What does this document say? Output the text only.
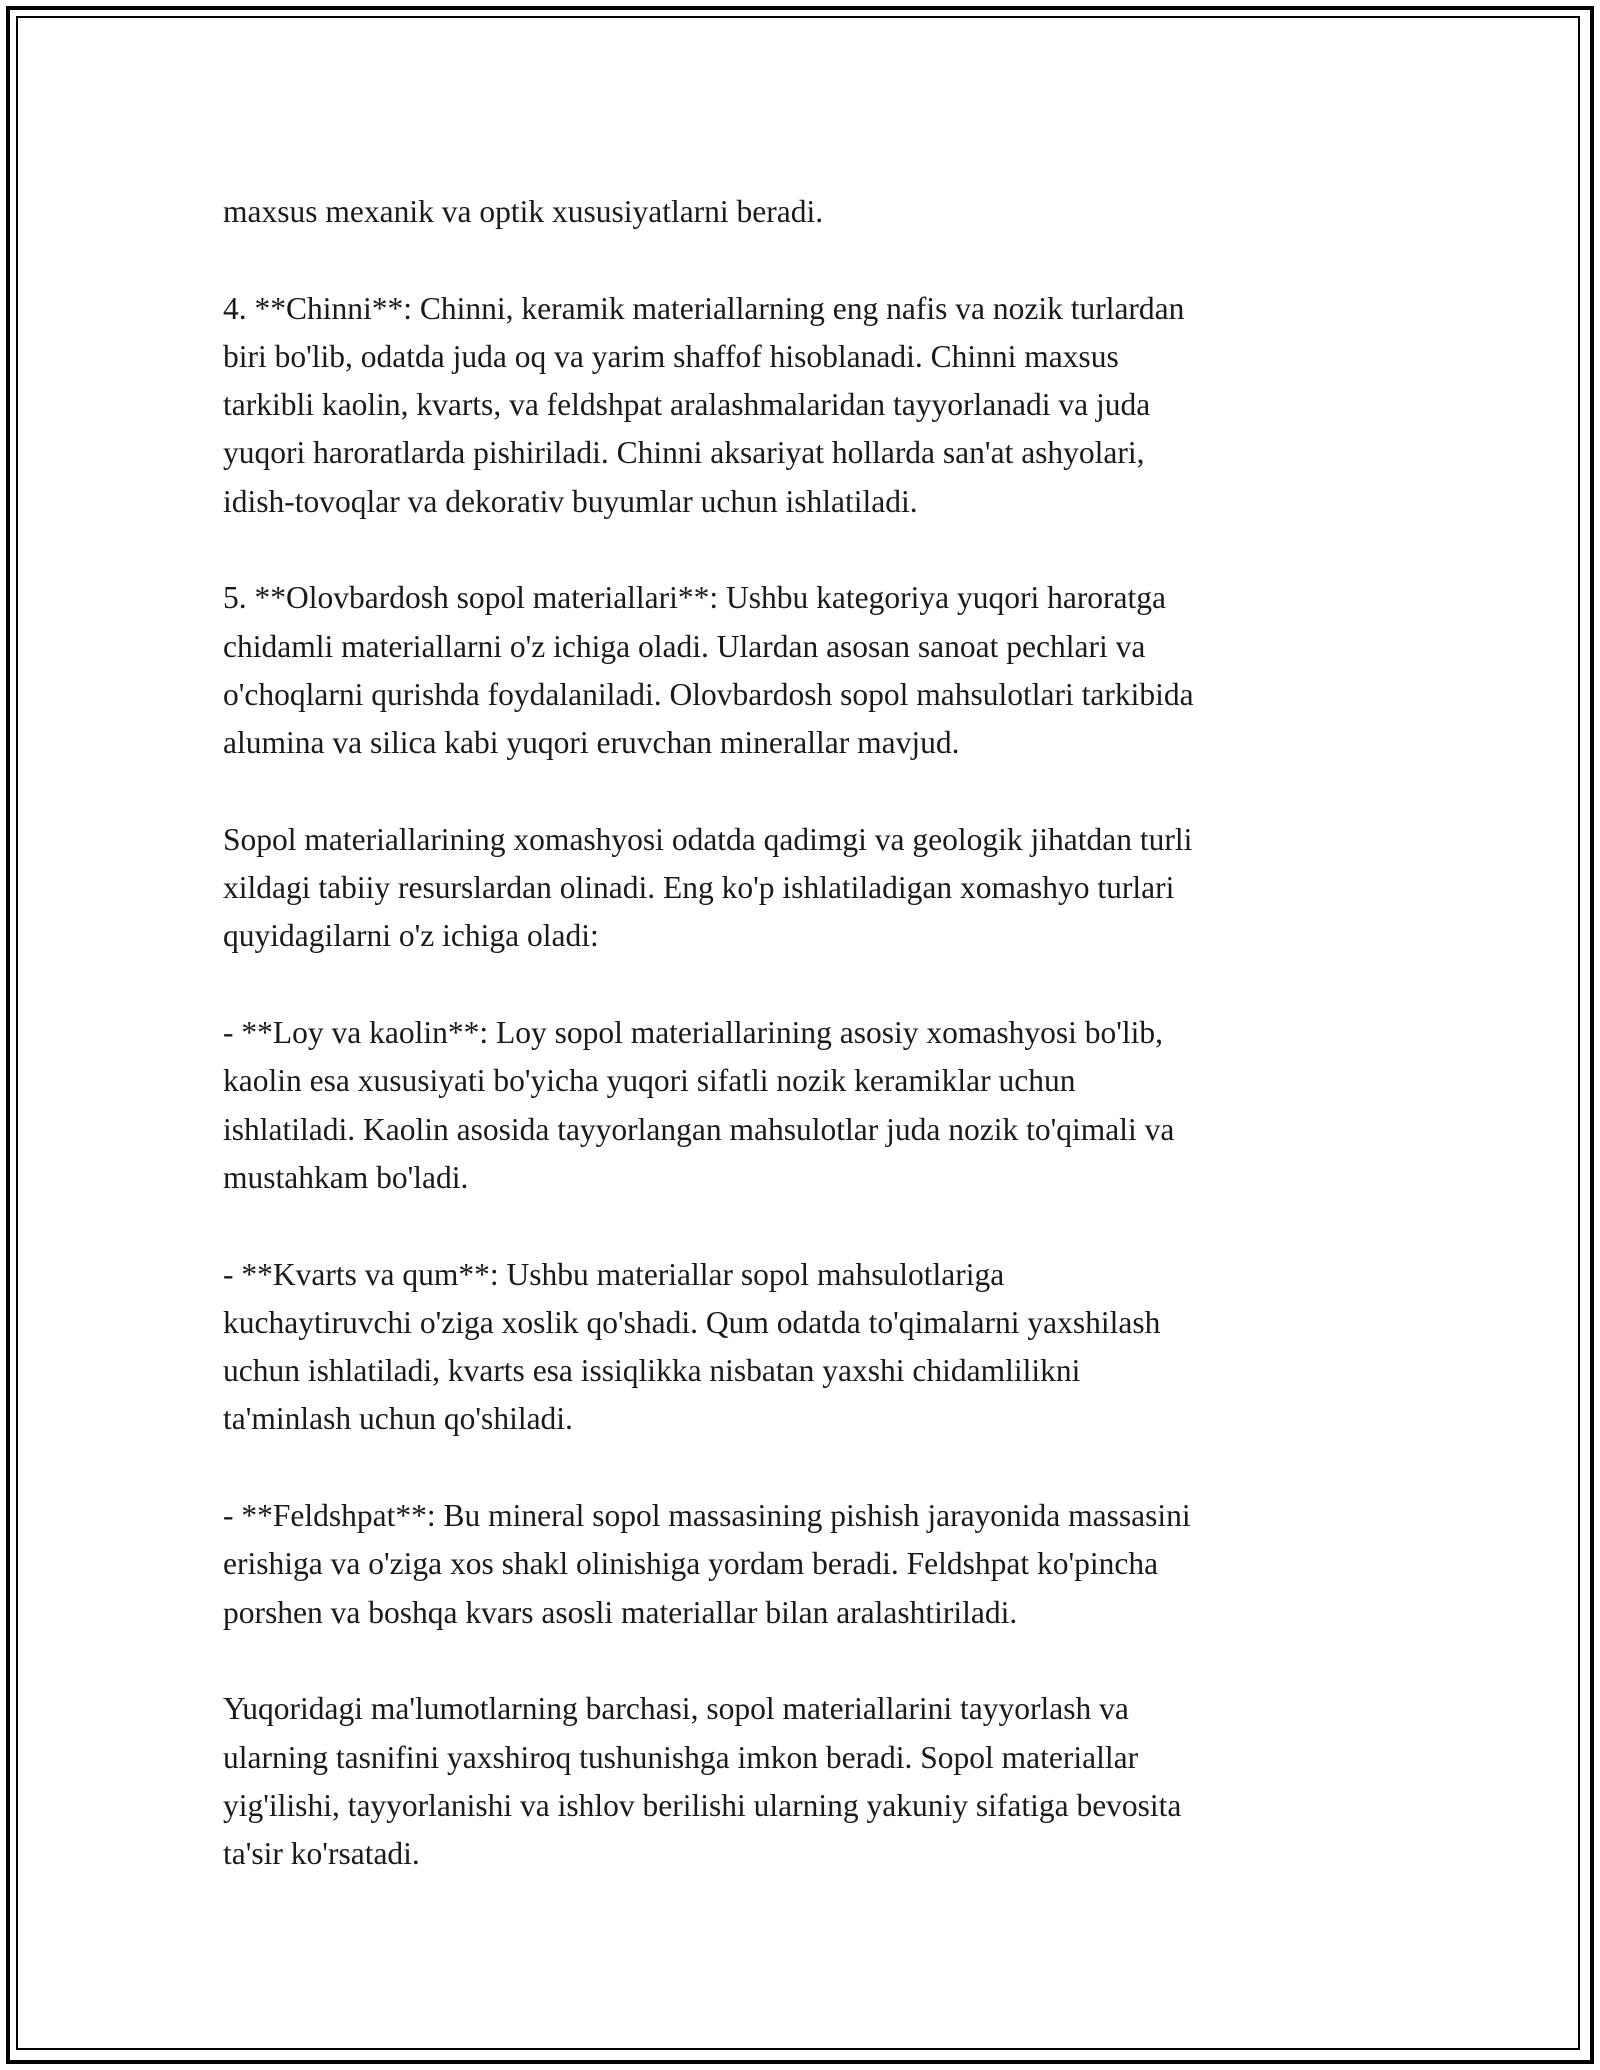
maxsus mexanik va optik xususiyatlarni beradi.

4. **Chinni**: Chinni, keramik materiallarning eng nafis va nozik turlardan
biri bo'lib, odatda juda oq va yarim shaffof hisoblanadi. Chinni maxsus
tarkibli kaolin, kvarts, va feldshpat aralashmalaridan tayyorlanadi va juda
yuqori haroratlarda pishiriladi. Chinni aksariyat hollarda san'at ashyolari,
idish-tovoqlar va dekorativ buyumlar uchun ishlatiladi.

5. **Olovbardosh sopol materiallari**: Ushbu kategoriya yuqori haroratga
chidamli materiallarni o'z ichiga oladi. Ulardan asosan sanoat pechlari va
o'choqlarni qurishda foydalaniladi. Olovbardosh sopol mahsulotlari tarkibida
alumina va silica kabi yuqori eruvchan minerallar mavjud.

Sopol materiallarining xomashyosi odatda qadimgi va geologik jihatdan turli
xildagi tabiiy resurslardan olinadi. Eng ko'p ishlatiladigan xomashyo turlari
quyidagilarni o'z ichiga oladi:

- **Loy va kaolin**: Loy sopol materiallarining asosiy xomashyosi bo'lib,
kaolin esa xususiyati bo'yicha yuqori sifatli nozik keramiklar uchun
ishlatiladi. Kaolin asosida tayyorlangan mahsulotlar juda nozik to'qimali va
mustahkam bo'ladi.

- **Kvarts va qum**: Ushbu materiallar sopol mahsulotlariga
kuchaytiruvchi o'ziga xoslik qo'shadi. Qum odatda to'qimalarni yaxshilash
uchun ishlatiladi, kvarts esa issiqlikka nisbatan yaxshi chidamlilikni
ta'minlash uchun qo'shiladi.

- **Feldshpat**: Bu mineral sopol massasining pishish jarayonida massasini
erishiga va o'ziga xos shakl olinishiga yordam beradi. Feldshpat ko'pincha
porshen va boshqa kvars asosli materiallar bilan aralashtiriladi.

Yuqoridagi ma'lumotlarning barchasi, sopol materiallarini tayyorlash va
ularning tasnifini yaxshiroq tushunishga imkon beradi. Sopol materiallar
yig'ilishi, tayyorlanishi va ishlov berilishi ularning yakuniy sifatiga bevosita
ta'sir ko'rsatadi.
